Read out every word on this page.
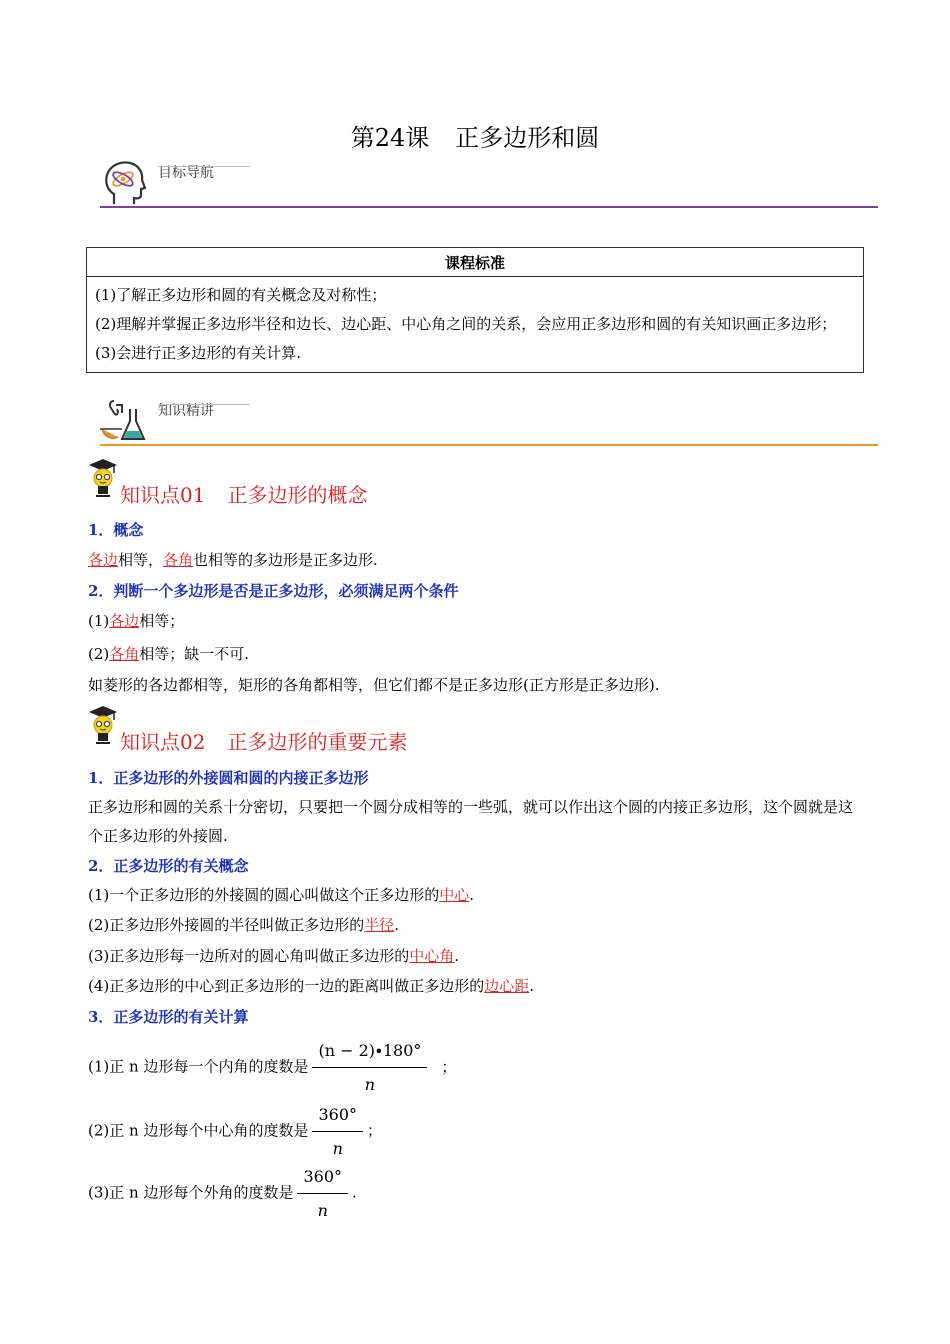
第24课 正多边形和圆
目标导航
课程标准

(1)了解正多边形和圆的有关概念及对称性；
(2)理解并掌握正多边形半径和边长、边心距、中心角之间的关系，会应用正多边形和圆的有关知识画正多边形；
(3)会进行正多边形的有关计算.
知识精讲
知识点01 正多边形的概念
1．概念
各边相等，各角也相等的多边形是正多边形.
2．判断一个多边形是否是正多边形，必须满足两个条件
(1)各边相等；
(2)各角相等；缺一不可.
如菱形的各边都相等，矩形的各角都相等，但它们都不是正多边形(正方形是正多边形).
知识点02 正多边形的重要元素
1．正多边形的外接圆和圆的内接正多边形
正多边形和圆的关系十分密切，只要把一个圆分成相等的一些弧，就可以作出这个圆的内接正多边形，这个圆就是这个正多边形的外接圆.
2．正多边形的有关概念
(1)一个正多边形的外接圆的圆心叫做这个正多边形的中心.
(2)正多边形外接圆的半径叫做正多边形的半径.
(3)正多边形每一边所对的圆心角叫做正多边形的中心角.
(4)正多边形的中心到正多边形的一边的距离叫做正多边形的边心距.
3．正多边形的有关计算
(1)正 n 边形每一个内角的度数是 $\frac{(n - 2)\cdot 180^\circ}{n}$ ；
(2)正 n 边形每个中心角的度数是 $\frac{360^\circ}{n}$ ；
(3)正 n 边形每个外角的度数是 $\frac{360^\circ}{n}$ .
